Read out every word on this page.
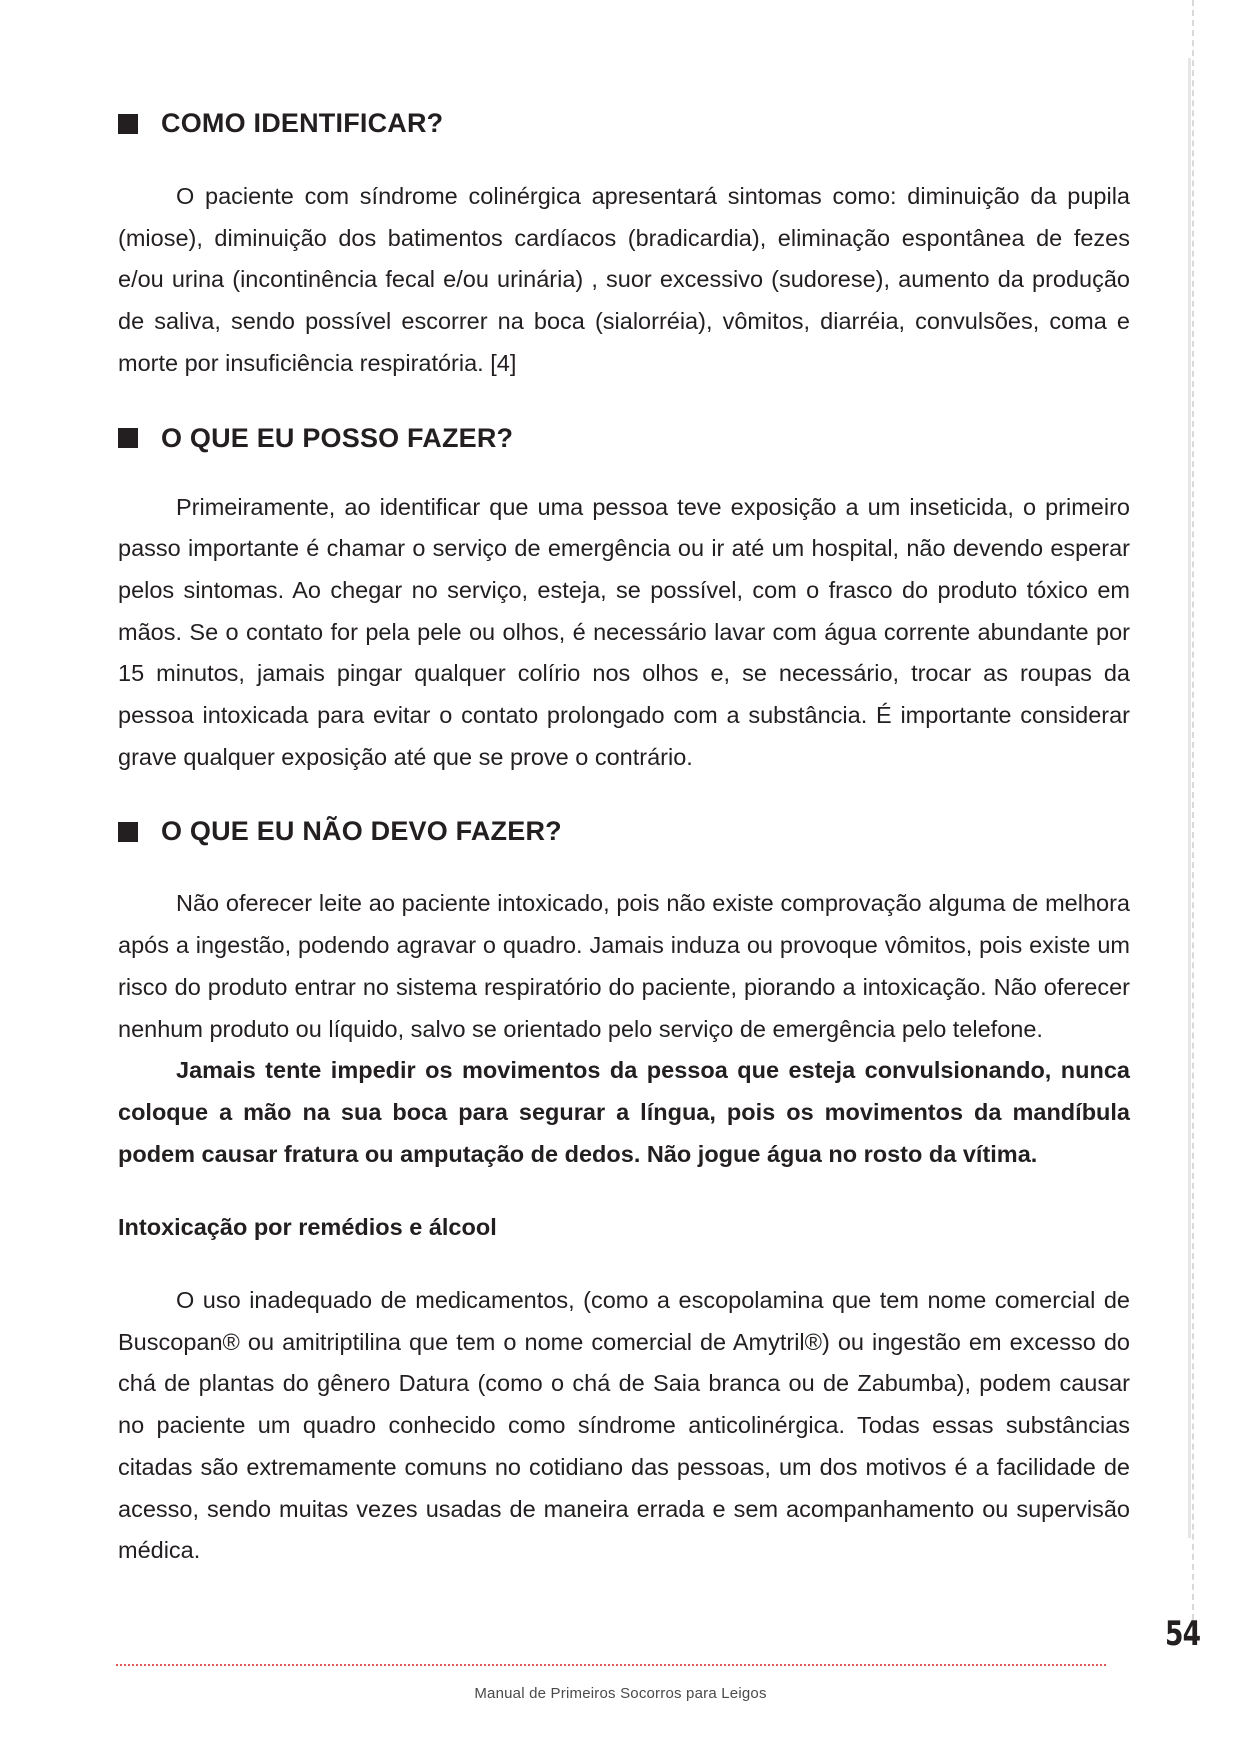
COMO IDENTIFICAR?

O paciente com síndrome colinérgica apresentará sintomas como: diminuição da pupila (miose), diminuição dos batimentos cardíacos (bradicardia), eliminação espontânea de fezes e/ou urina (incontinência fecal e/ou urinária) , suor excessivo (sudorese), aumento da produção de saliva, sendo possível escorrer na boca (sialorréia), vômitos, diarréia, convulsões, coma e morte por insuficiência respiratória. [4]

O QUE EU POSSO FAZER?

Primeiramente, ao identificar que uma pessoa teve exposição a um inseticida, o primeiro passo importante é chamar o serviço de emergência ou ir até um hospital, não devendo esperar pelos sintomas. Ao chegar no serviço, esteja, se possível, com o frasco do produto tóxico em mãos. Se o contato for pela pele ou olhos, é necessário lavar com água corrente abundante por 15 minutos, jamais pingar qualquer colírio nos olhos e, se necessário, trocar as roupas da pessoa intoxicada para evitar o contato prolongado com a substância. É importante considerar grave qualquer exposição até que se prove o contrário.

O QUE EU NÃO DEVO FAZER?

Não oferecer leite ao paciente intoxicado, pois não existe comprovação alguma de melhora após a ingestão, podendo agravar o quadro. Jamais induza ou provoque vômitos, pois existe um risco do produto entrar no sistema respiratório do paciente, piorando a intoxicação. Não oferecer nenhum produto ou líquido, salvo se orientado pelo serviço de emergência pelo telefone.

Jamais tente impedir os movimentos da pessoa que esteja convulsionando, nunca coloque a mão na sua boca para segurar a língua, pois os movimentos da mandíbula podem causar fratura ou amputação de dedos. Não jogue água no rosto da vítima.

Intoxicação por remédios e álcool

O uso inadequado de medicamentos, (como a escopolamina que tem nome comercial de Buscopan® ou amitriptilina que tem o nome comercial de Amytril®) ou ingestão em excesso do chá de plantas do gênero Datura (como o chá de Saia branca ou de Zabumba), podem causar no paciente um quadro conhecido como síndrome anticolinérgica. Todas essas substâncias citadas são extremamente comuns no cotidiano das pessoas, um dos motivos é a facilidade de acesso, sendo muitas vezes usadas de maneira errada e sem acompanhamento ou supervisão médica.

54
Manual de Primeiros Socorros para Leigos
